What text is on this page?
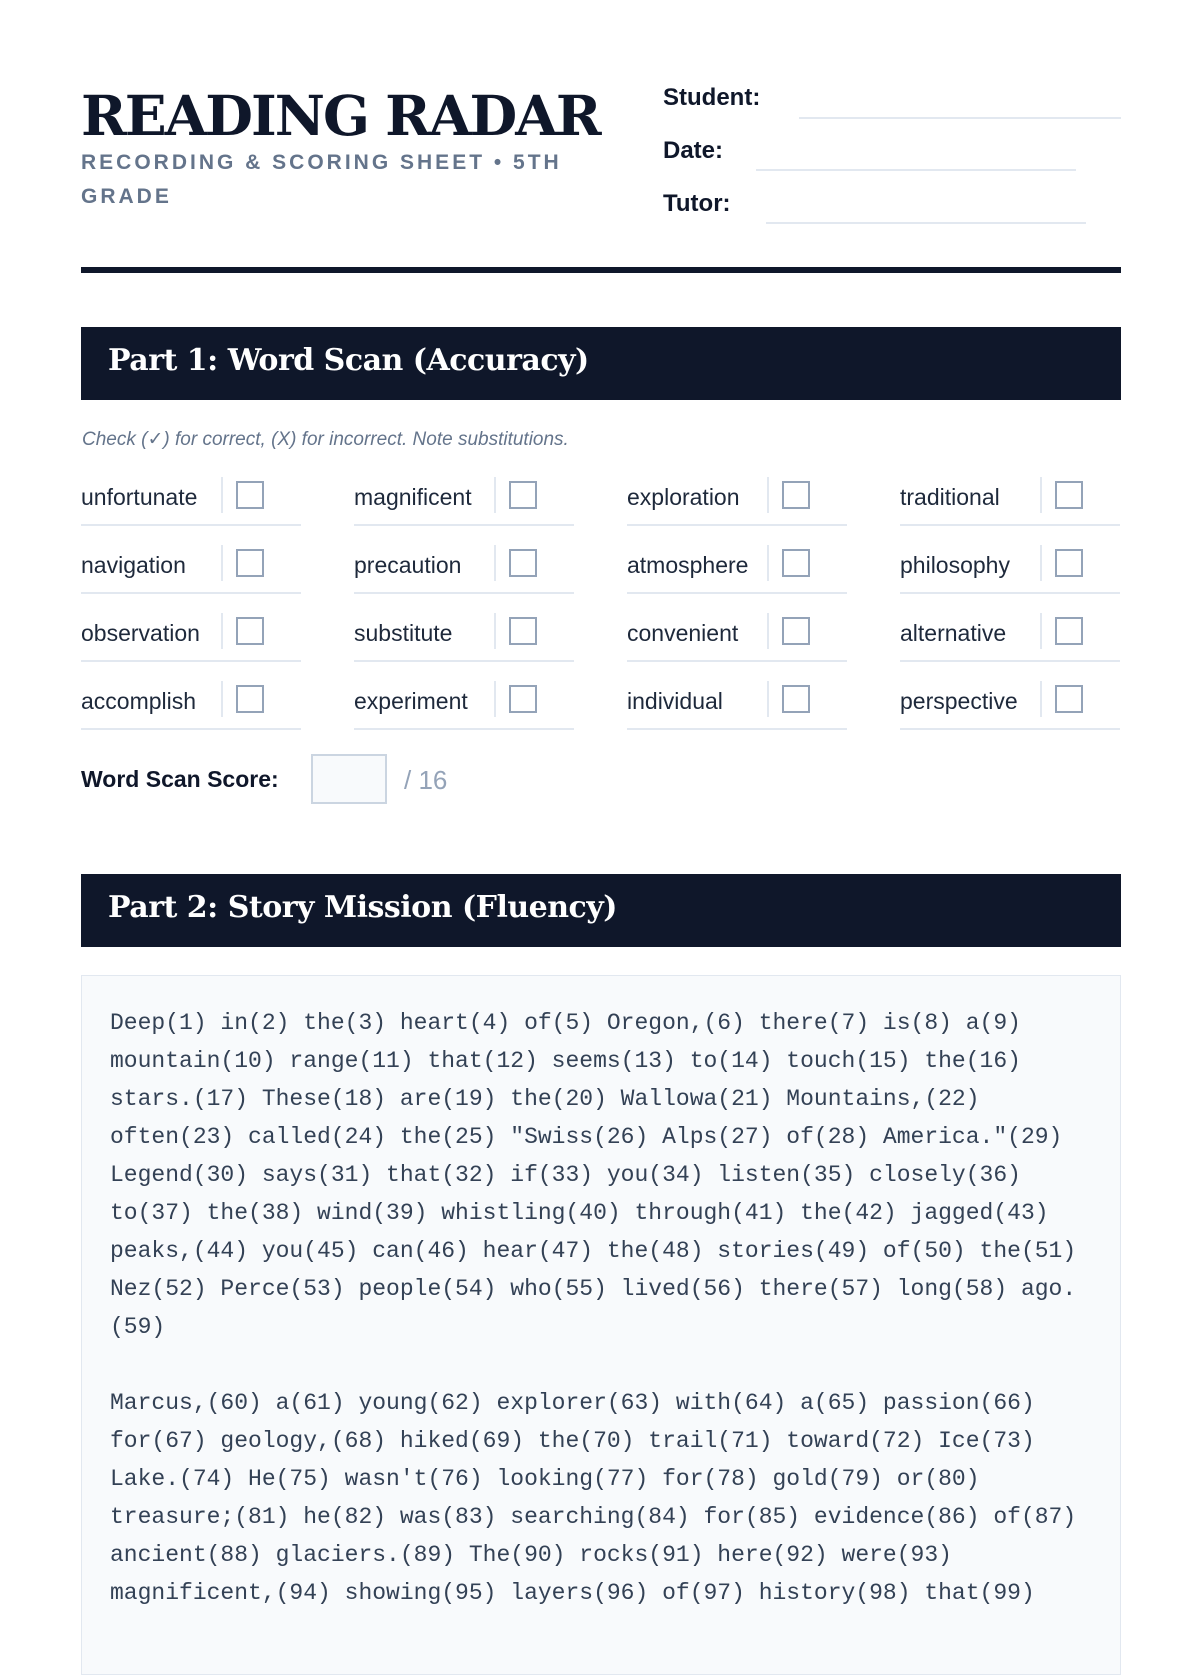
READING RADAR
RECORDING & SCORING SHEET • 5TH GRADE
Student:
Date:
Tutor:
Part 1: Word Scan (Accuracy)
Check (✓) for correct, (X) for incorrect. Note substitutions.
unfortunate	magnificent	exploration	traditional
navigation	precaution	atmosphere	philosophy
observation	substitute	convenient	alternative
accomplish	experiment	individual	perspective
Word Scan Score:	/ 16
Part 2: Story Mission (Fluency)

Deep(1) in(2) the(3) heart(4) of(5) Oregon,(6) there(7) is(8) a(9)
mountain(10) range(11) that(12) seems(13) to(14) touch(15) the(16)
stars.(17) These(18) are(19) the(20) Wallowa(21) Mountains,(22)
often(23) called(24) the(25) "Swiss(26) Alps(27) of(28) America."(29)
Legend(30) says(31) that(32) if(33) you(34) listen(35) closely(36)
to(37) the(38) wind(39) whistling(40) through(41) the(42) jagged(43)
peaks,(44) you(45) can(46) hear(47) the(48) stories(49) of(50) the(51)
Nez(52) Perce(53) people(54) who(55) lived(56) there(57) long(58) ago.
(59)

Marcus,(60) a(61) young(62) explorer(63) with(64) a(65) passion(66)
for(67) geology,(68) hiked(69) the(70) trail(71) toward(72) Ice(73)
Lake.(74) He(75) wasn't(76) looking(77) for(78) gold(79) or(80)
treasure;(81) he(82) was(83) searching(84) for(85) evidence(86) of(87)
ancient(88) glaciers.(89) The(90) rocks(91) here(92) were(93)
magnificent,(94) showing(95) layers(96) of(97) history(98) that(99)
